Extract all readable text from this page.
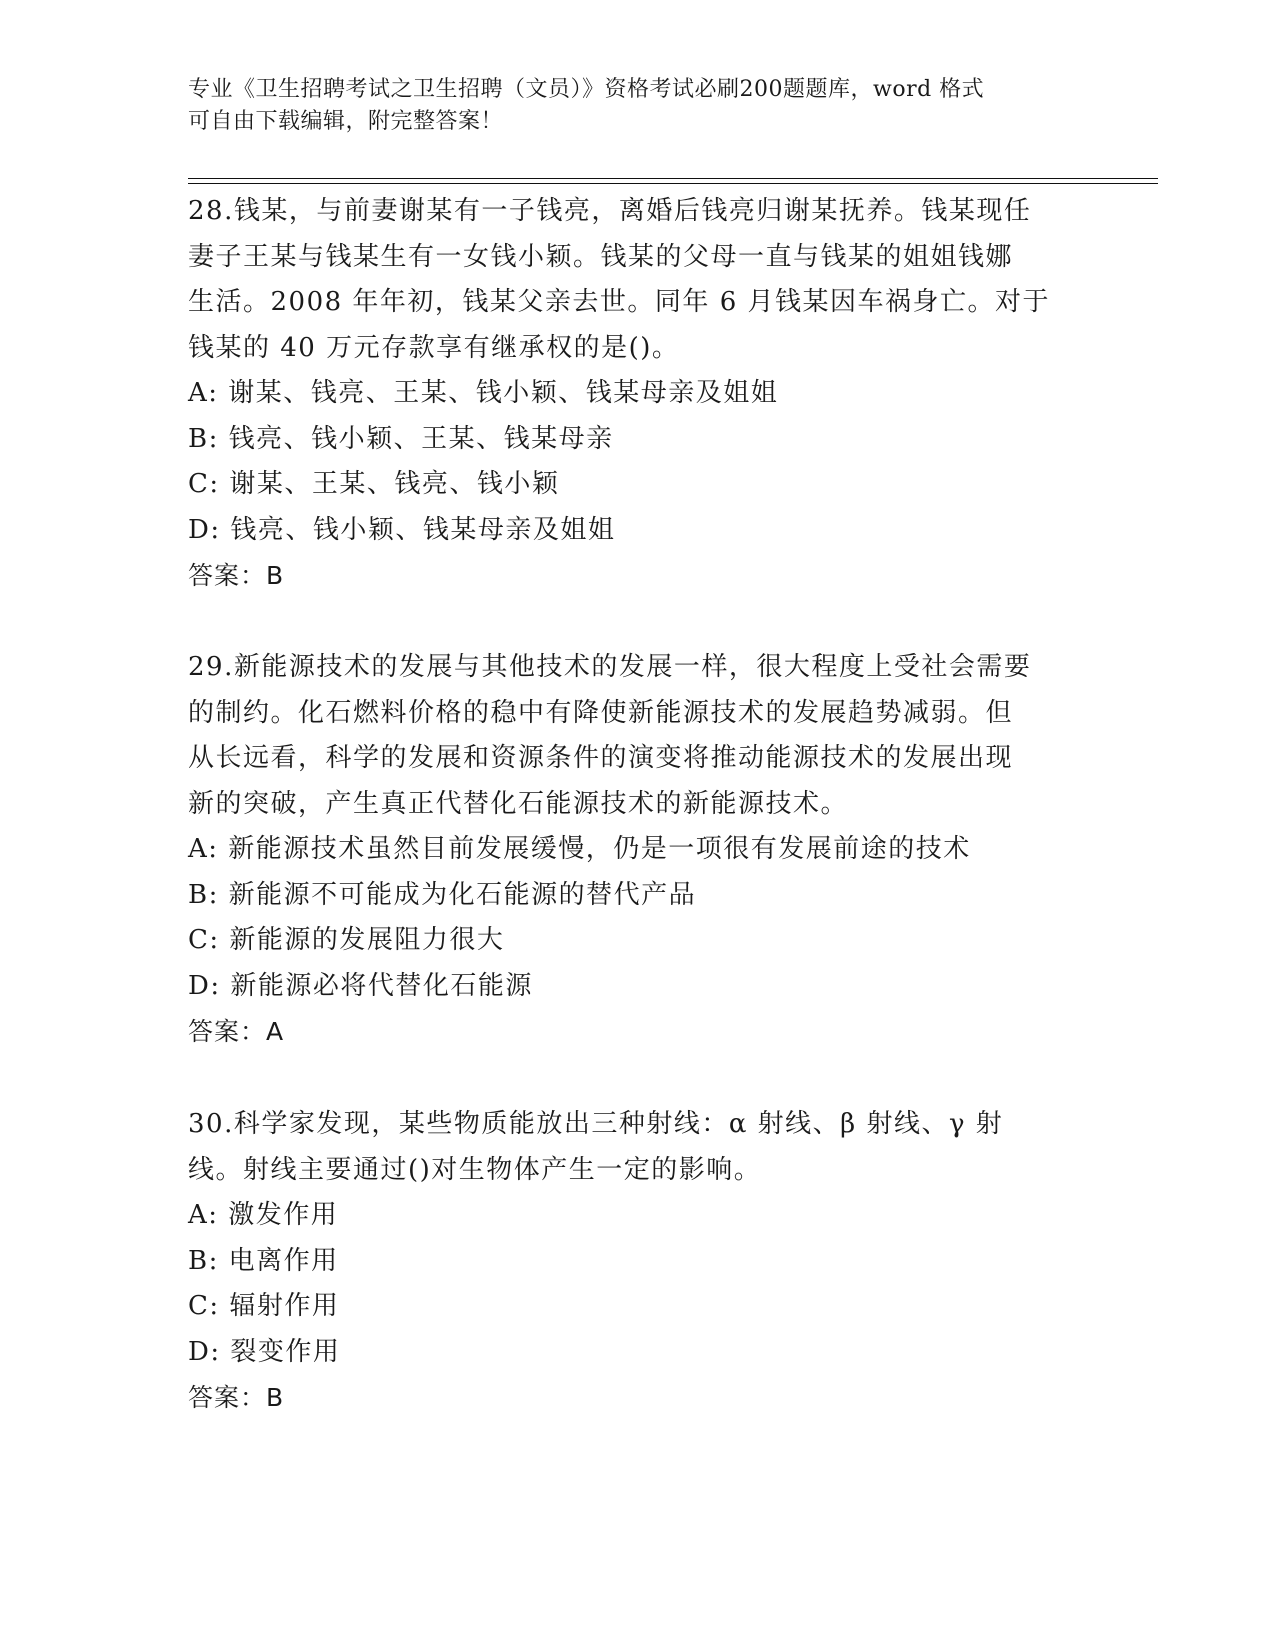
专业《卫生招聘考试之卫生招聘（文员）》资格考试必刷200题题库，word 格式
可自由下载编辑，附完整答案！

28.钱某，与前妻谢某有一子钱亮，离婚后钱亮归谢某抚养。钱某现任

妻子王某与钱某生有一女钱小颖。钱某的父母一直与钱某的姐姐钱娜

生活。2008 年年初，钱某父亲去世。同年 6 月钱某因车祸身亡。对于

钱某的 40 万元存款享有继承权的是()。

A: 谢某、钱亮、王某、钱小颖、钱某母亲及姐姐

B: 钱亮、钱小颖、王某、钱某母亲

C: 谢某、王某、钱亮、钱小颖

D: 钱亮、钱小颖、钱某母亲及姐姐

答案：B

29.新能源技术的发展与其他技术的发展一样，很大程度上受社会需要

的制约。化石燃料价格的稳中有降使新能源技术的发展趋势减弱。但

从长远看，科学的发展和资源条件的演变将推动能源技术的发展出现

新的突破，产生真正代替化石能源技术的新能源技术。

A: 新能源技术虽然目前发展缓慢，仍是一项很有发展前途的技术

B: 新能源不可能成为化石能源的替代产品

C: 新能源的发展阻力很大

D: 新能源必将代替化石能源

答案：A

30.科学家发现，某些物质能放出三种射线：α 射线、β 射线、γ 射

线。射线主要通过()对生物体产生一定的影响。

A: 激发作用

B: 电离作用

C: 辐射作用

D: 裂变作用

答案：B
